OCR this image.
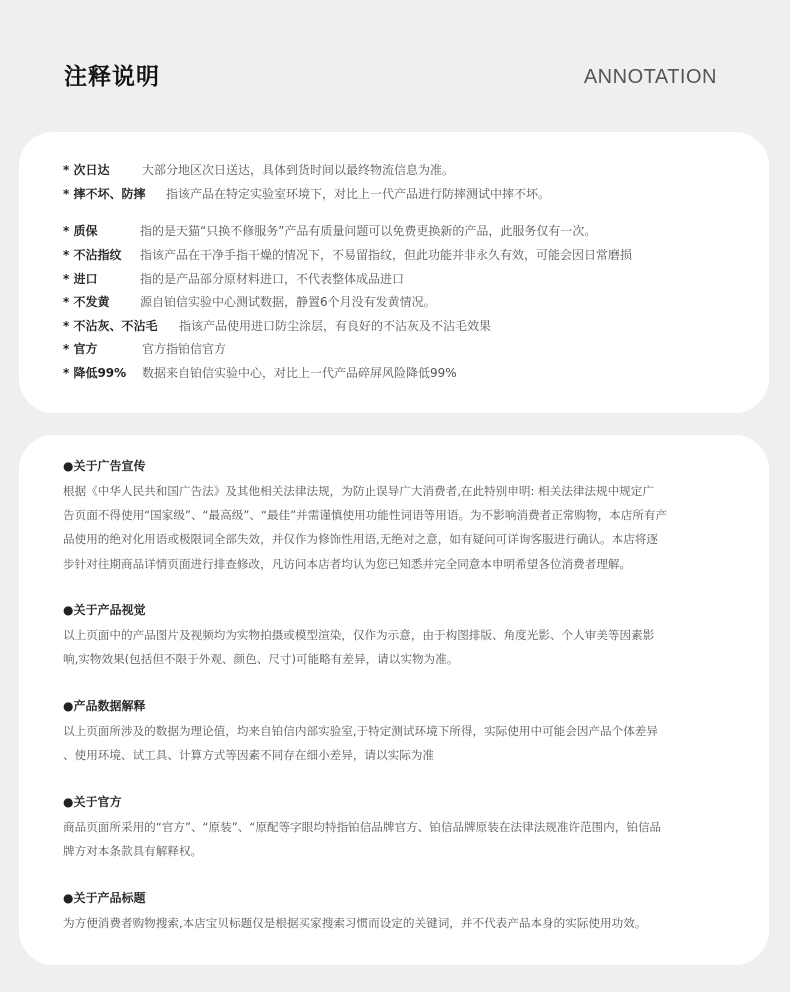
注释说明	ANNOTATION
* 次日达	大部分地区次日送达，具体到货时间以最终物流信息为准。
* 摔不坏、防摔	指该产品在特定实验室环境下，对比上一代产品进行防摔测试中摔不坏。
* 质保	指的是天猫“只换不修服务”产品有质量问题可以免费更换新的产品，此服务仅有一次。
* 不沾指纹	指该产品在干净手指干燥的情况下，不易留指纹，但此功能并非永久有效，可能会因日常磨损
* 进口	指的是产品部分原材料进口，不代表整体成品进口
* 不发黄	源自铂信实验中心测试数据，静置6个月没有发黄情况。
* 不沾灰、不沾毛	指该产品使用进口防尘涂层，有良好的不沾灰及不沾毛效果
* 官方	官方指铂信官方
* 降低99%	数据来自铂信实验中心，对比上一代产品碎屏风险降低99%
●关于广告宣传
根据《中华人民共和国广告法》及其他相关法律法规，为防止误导广大消费者,在此特别申明: 相关法律法规中规定广
告页面不得使用“国家级”、“最高级”、“最佳”并需谨慎使用功能性词语等用语。为不影响消费者正常购物，本店所有产
品使用的绝对化用语或极限词全部失效，并仅作为修饰性用语,无绝对之意，如有疑问可详询客服进行确认。本店将逐
步针对往期商品详情页面进行排查修改，凡访问本店者均认为您已知悉并完全同意本申明希望各位消费者理解。
●关于产品视觉
以上页面中的产品图片及视频均为实物拍摄或模型渲染，仅作为示意，由于构图排版、角度光影、个人审美等因素影
响,实物效果(包括但不限于外观、颜色、尺寸)可能略有差异，请以实物为准。
●产品数据解释
以上页面所涉及的数据为理论值，均来自铂信内部实验室,于特定测试环境下所得，实际使用中可能会因产品个体差异
、使用环境、试工具、计算方式等因素不同存在细小差异，请以实际为准
●关于官方
商品页面所采用的“官方”、“原装”、“原配等字眼均特指铂信品牌官方、铂信品牌原装在法律法规准许范围内，铂信品
牌方对本条款具有解释权。
●关于产品标题
为方便消费者购物搜索,本店宝贝标题仅是根据买家搜索习惯而设定的关键词，并不代表产品本身的实际使用功效。
